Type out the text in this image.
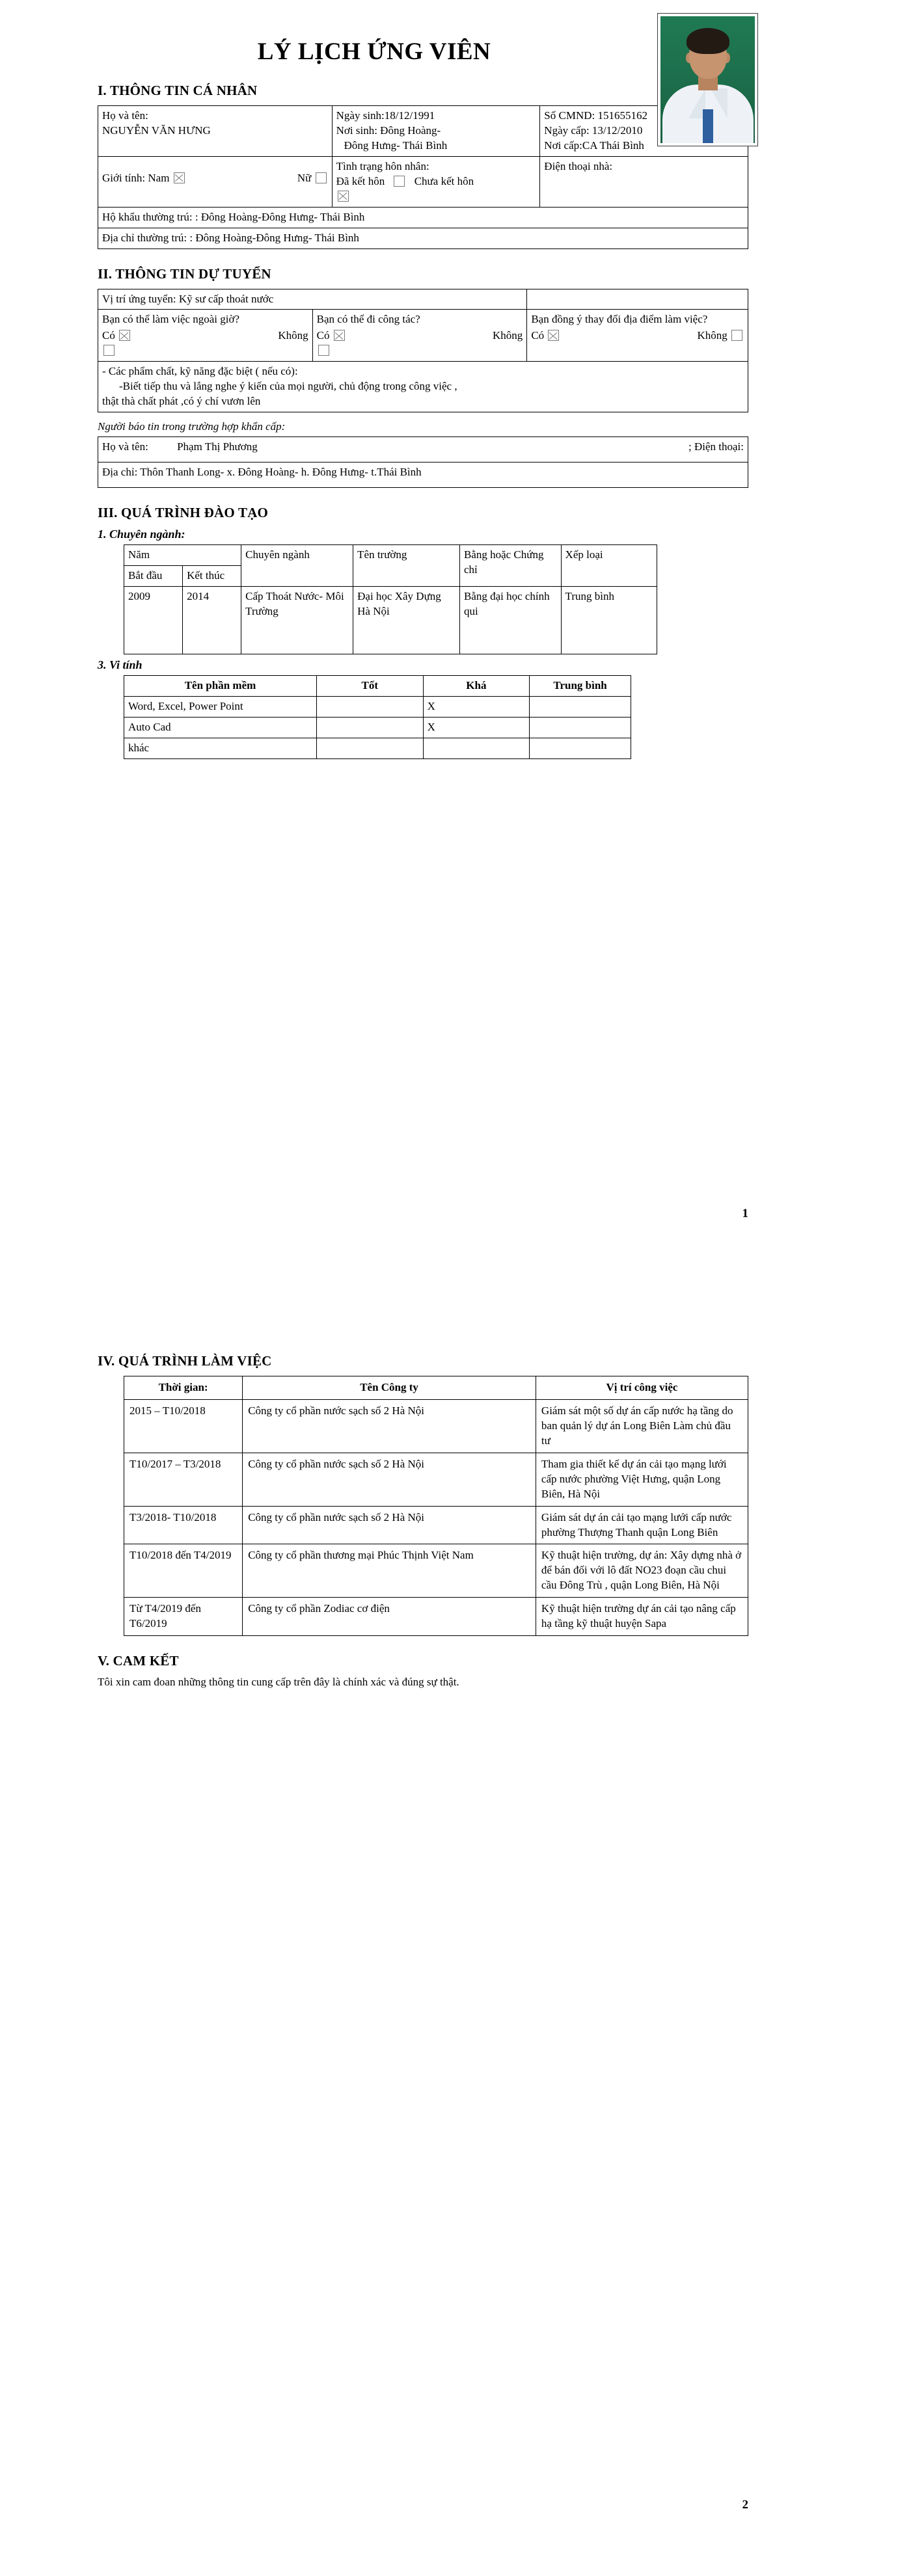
LÝ LỊCH ỨNG VIÊN
I. THÔNG TIN CÁ NHÂN
Họ và tên:
NGUYỄN VĂN HƯNG

Ngày sinh:18/12/1991
Nơi sinh: Đông Hoàng-
Đông Hưng- Thái Bình

Số CMND: 151655162
Ngày cấp: 13/12/2010
Nơi cấp:CA Thái Bình

Giới tính: Nam	Nữ

Tình trạng hôn nhân:
Đã kết hôn	Chưa kết hôn

Điện thoại nhà:

Hộ khẩu thường trú: : Đông Hoàng-Đông Hưng- Thái Bình		
Địa chỉ thường trú: : Đông Hoàng-Đông Hưng- Thái Bình		
II. THÔNG TIN DỰ TUYỂN
Vị trí ứng tuyển: Kỹ sư cấp thoát nước		

Bạn có thể làm việc ngoài giờ?
Có	Không

Bạn có thể đi công tác?
Có	Không

Bạn đồng ý thay đổi địa điểm làm việc?
Có	Không

- Các phẩm chất, kỹ năng đặc biệt ( nếu có):
-Biết tiếp thu và lắng nghe ý kiến của mọi người, chủ động trong công việc ,
thật thà chất phát ,có ý chí vươn lên		

Người báo tin trong trường hợp khẩn cấp:

Họ và tên:	Phạm Thị Phương	; Điện thoại:
Địa chỉ: Thôn Thanh Long- x. Đông Hoàng- h. Đông Hưng- t.Thái Bình
III. QUÁ TRÌNH ĐÀO TẠO
1. Chuyên ngành:
Năm		Chuyên ngành	Tên trường	Bằng hoặc Chứng chỉ	Xếp loại
Bắt đầu	Kết thúc				
2009	2014	Cấp Thoát Nước- Môi Trường	Đại học Xây Dựng Hà Nội	Bằng đại học chính qui	Trung bình
3. Vi tính
Tên phần mềm	Tốt	Khá	Trung bình
Word, Excel, Power Point		X	
Auto Cad		X	
khác			
1
IV. QUÁ TRÌNH LÀM VIỆC
Thời gian:	Tên Công ty	Vị trí công việc
2015 – T10/2018	Công ty cổ phần nước sạch số 2 Hà Nội	Giám sát một số dự án cấp nước hạ tầng do ban quản lý dự án Long Biên Làm chủ đầu tư
T10/2017 – T3/2018	Công ty cổ phần nước sạch số 2 Hà Nội	Tham gia thiết kế dự án cải tạo mạng lưới cấp nước phường Việt Hưng, quận Long Biên, Hà Nội
T3/2018- T10/2018	Công ty cổ phần nước sạch số 2 Hà Nội	Giám sát dự án cải tạo mạng lưới cấp nước phường Thượng Thanh quận Long Biên
T10/2018 đến T4/2019	Công ty cổ phần thương mại Phúc Thịnh Việt Nam	Kỹ thuật hiện trường, dự án: Xây dựng nhà ở để bán đối với lô đất NO23 đoạn cầu chui cầu Đông Trù , quận Long Biên, Hà Nội
Từ T4/2019 đến T6/2019	Công ty cổ phần Zodiac cơ điện	Kỹ thuật hiện trường dự án cải tạo nâng cấp hạ tầng kỹ thuật huyện Sapa
V. CAM KẾT

Tôi xin cam đoan những thông tin cung cấp trên đây là chính xác và đúng sự thật.

2
